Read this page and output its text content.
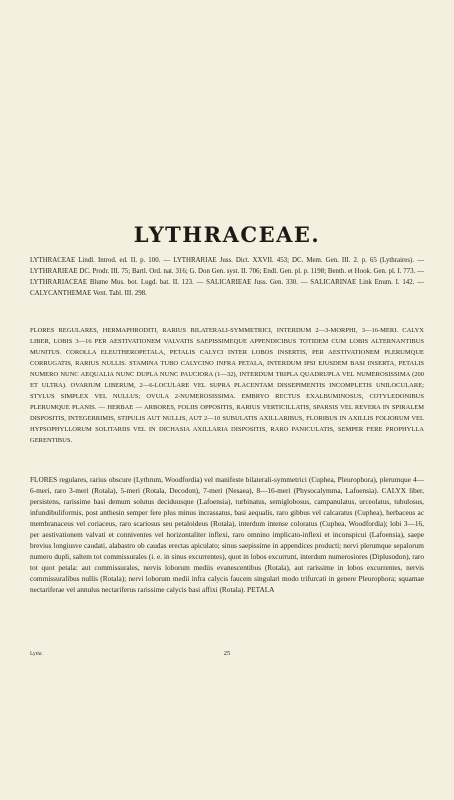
LYTHRACEAE.

LYTHRACEAE Lindl. Introd. ed. II. p. 100. — LYTHRARIAE Juss. Dict. XXVII. 453; DC. Mem. Gen. III. 2. p. 65 (Lythraires). — LYTHRARIEAE DC. Prodr. III. 75; Bartl. Ord. nat. 316; G. Don Gen. syst. II. 706; Endl. Gen. pl. p. 1198; Benth. et Hook. Gen. pl. I. 773. — LYTHRARIACEAE Blume Mus. bot. Lugd. bat. II. 123. — SALICARIEAE Juss. Gen. 330. — SALICARINAE Link Enum. I. 142. — CALYCANTHEMAE Vent. Tabl. III. 298.

FLORES REGULARES, HERMAPHRODITI, RARIUS BILATERALI-SYMMETRICI, INTERDUM 2—3-MORPHI, 3—16-MERI. CALYX LIBER, LOBIS 3—16 PER AESTIVATIONEM VALVATIS SAEPISSIMEQUE APPENDICIBUS TOTIDEM CUM LOBIS ALTERNANTIBUS MUNITUS. COROLLA ELEUTHEROPETALA, PETALIS CALYCI INTER LOBOS INSERTIS, PER AESTIVATIONEM PLERUMQUE CORRUGATIS, RARIUS NULLIS. STAMINA TUBO CALYCINO INFRA PETALA, INTERDUM IPSI EJUSDEM BASI INSERTA, PETALIS NUMERO NUNC AEQUALIA NUNC DUPLA NUNC PAUCIORA (1—32), INTERDUM TRIPLA QUADRUPLA VEL NUMEROSISSIMA (200 ET ULTRA). OVARIUM LIBERUM, 2—6-LOCULARE VEL SUPRA PLACENTAM DISSEPIMENTIS INCOMPLETIS UNILOCULARE; STYLUS SIMPLEX VEL NULLUS; OVULA 2-NUMEROSISSIMA. EMBRYO RECTUS EXALBUMINOSUS, COTYLEDONIBUS PLERUMQUE PLANIS. — HERBAE — ARBORES, FOLIIS OPPOSITIS, RARIUS VERTICILLATIS, SPARSIS VEL REVERA IN SPIRALEM DISPOSITIS, INTEGERRIMIS, STIPULIS AUT NULLIS, AUT 2—10 SUBULATIS AXILLARIBUS, FLORIBUS IN AXILLIS FOLIORUM VEL HYPSOPHYLLORUM SOLITARIIS VEL IN DICHASIA AXILLARIA DISPOSITIS, RARO PANICULATIS, SEMPER FERE PROPHYLLA GERENTIBUS.

FLORES regulares, rarius obscure (Lythrum, Woodfordia) vel manifeste bilaterali-symmetrici (Cuphea, Pleurophora), plerumque 4—6-meri, raro 3-meri (Rotala), 5-meri (Rotala, Decodon), 7-meri (Nesaea), 8—16-meri (Physocalymma, Lafoensia). CALYX liber, persistens, rarissime basi demum solutus deciduusque (Lafoensia), turbinatus, semiglobosus, campanulatus, urceolatus, tubulosus, infundibuliformis, post anthesin semper fere plus minus incrassatus, basi aequalis, raro gibbus vel calcaratus (Cuphea), herbaceus ac membranaceus vel coriaceus, raro scariosus seu petaloideus (Rotala), interdum intense coloratus (Cuphea, Woodfordia); lobi 3—16, per aestivationem valvati et conniventes vel horizontaliter inflexi, raro omnino implicato-inflexi et inconspicui (Lafoensia), saepe brevius longiusve caudati, alabastro ob caudas erectas apiculato; sinus saepissime in appendices producti; nervi plerumque sepalorum numero dupli, saltem tot commissurales (i. e. in sinus excurrentes), quot in lobos excurrunt, interdum numerosiores (Diplusodon), raro tot quot petala: aut commissurales, nervis loborum mediis evanescentibus (Rotala), aut rarissime in lobos excurrentes, nervis commissuralibus nullis (Rotala); nervi loborum medii infra calycis faucem singulari modo trifurcati in genere Pleurophora; squamae nectariferae vel annulus nectariferus rarissime calycis basi affixi (Rotala). PETALA

Lythr.	25
